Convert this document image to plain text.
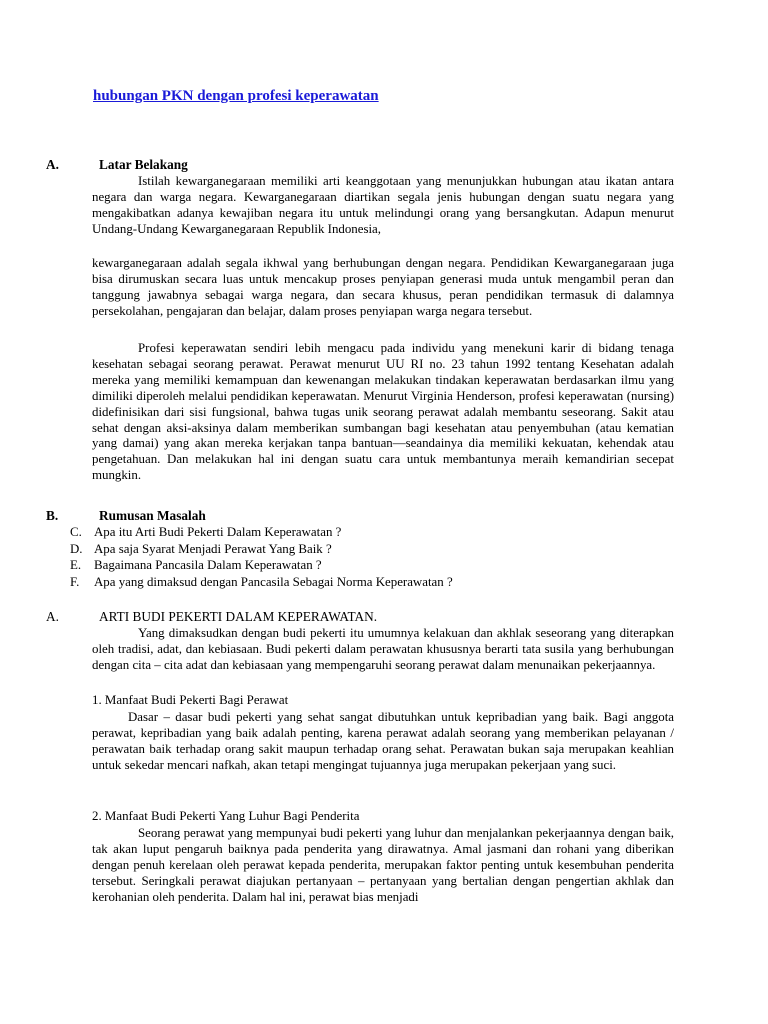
hubungan PKN dengan profesi keperawatan
A.	Latar Belakang

Istilah kewarganegaraan memiliki arti keanggotaan yang menunjukkan hubungan atau ikatan antara negara dan warga negara. Kewarganegaraan diartikan segala jenis hubungan dengan suatu negara yang mengakibatkan adanya kewajiban negara itu untuk melindungi orang yang bersangkutan. Adapun menurut Undang-Undang Kewarganegaraan Republik Indonesia,

kewarganegaraan adalah segala ikhwal yang berhubungan dengan negara. Pendidikan Kewarganegaraan juga bisa dirumuskan secara luas untuk mencakup proses penyiapan generasi muda untuk mengambil peran dan tanggung jawabnya sebagai warga negara, dan secara khusus, peran pendidikan termasuk di dalamnya persekolahan, pengajaran dan belajar, dalam proses penyiapan warga negara tersebut.

Profesi keperawatan sendiri lebih mengacu pada individu yang menekuni karir di bidang tenaga kesehatan sebagai seorang perawat. Perawat menurut UU RI no. 23 tahun 1992 tentang Kesehatan adalah mereka yang memiliki kemampuan dan kewenangan melakukan tindakan keperawatan berdasarkan ilmu yang dimiliki diperoleh melalui pendidikan keperawatan. Menurut Virginia Henderson, profesi keperawatan (nursing) didefinisikan dari sisi fungsional, bahwa tugas unik seorang perawat adalah membantu seseorang. Sakit atau sehat dengan aksi-aksinya dalam memberikan sumbangan bagi kesehatan atau penyembuhan (atau kematian yang damai) yang akan mereka kerjakan tanpa bantuan—seandainya dia memiliki kekuatan, kehendak atau pengetahuan. Dan melakukan hal ini dengan suatu cara untuk membantunya meraih kemandirian secepat mungkin.

B.	Rumusan Masalah
C. Apa itu Arti Budi Pekerti Dalam Keperawatan ?
D. Apa saja Syarat Menjadi Perawat Yang Baik ?
E. Bagaimana Pancasila Dalam Keperawatan ?
F. Apa yang dimaksud dengan Pancasila Sebagai Norma Keperawatan ?
A.	ARTI BUDI PEKERTI DALAM KEPERAWATAN.

Yang dimaksudkan dengan budi pekerti itu umumnya kelakuan dan akhlak seseorang yang diterapkan oleh tradisi, adat, dan kebiasaan. Budi pekerti dalam perawatan khususnya berarti tata susila yang berhubungan dengan cita – cita adat dan kebiasaan yang mempengaruhi seorang perawat dalam menunaikan pekerjaannya.

1. Manfaat Budi Pekerti Bagi Perawat

Dasar – dasar budi pekerti yang sehat sangat dibutuhkan untuk kepribadian yang baik. Bagi anggota perawat, kepribadian yang baik adalah penting, karena perawat adalah seorang yang memberikan pelayanan / perawatan baik terhadap orang sakit maupun terhadap orang sehat. Perawatan bukan saja merupakan keahlian untuk sekedar mencari nafkah, akan tetapi mengingat tujuannya juga merupakan pekerjaan yang suci.

2. Manfaat Budi Pekerti Yang Luhur Bagi Penderita

Seorang perawat yang mempunyai budi pekerti yang luhur dan menjalankan pekerjaannya dengan baik, tak akan luput pengaruh baiknya pada penderita yang dirawatnya. Amal jasmani dan rohani yang diberikan dengan penuh kerelaan oleh perawat kepada penderita, merupakan faktor penting untuk kesembuhan penderita tersebut. Seringkali perawat diajukan pertanyaan – pertanyaan yang bertalian dengan pengertian akhlak dan kerohanian oleh penderita. Dalam hal ini, perawat bias menjadi
